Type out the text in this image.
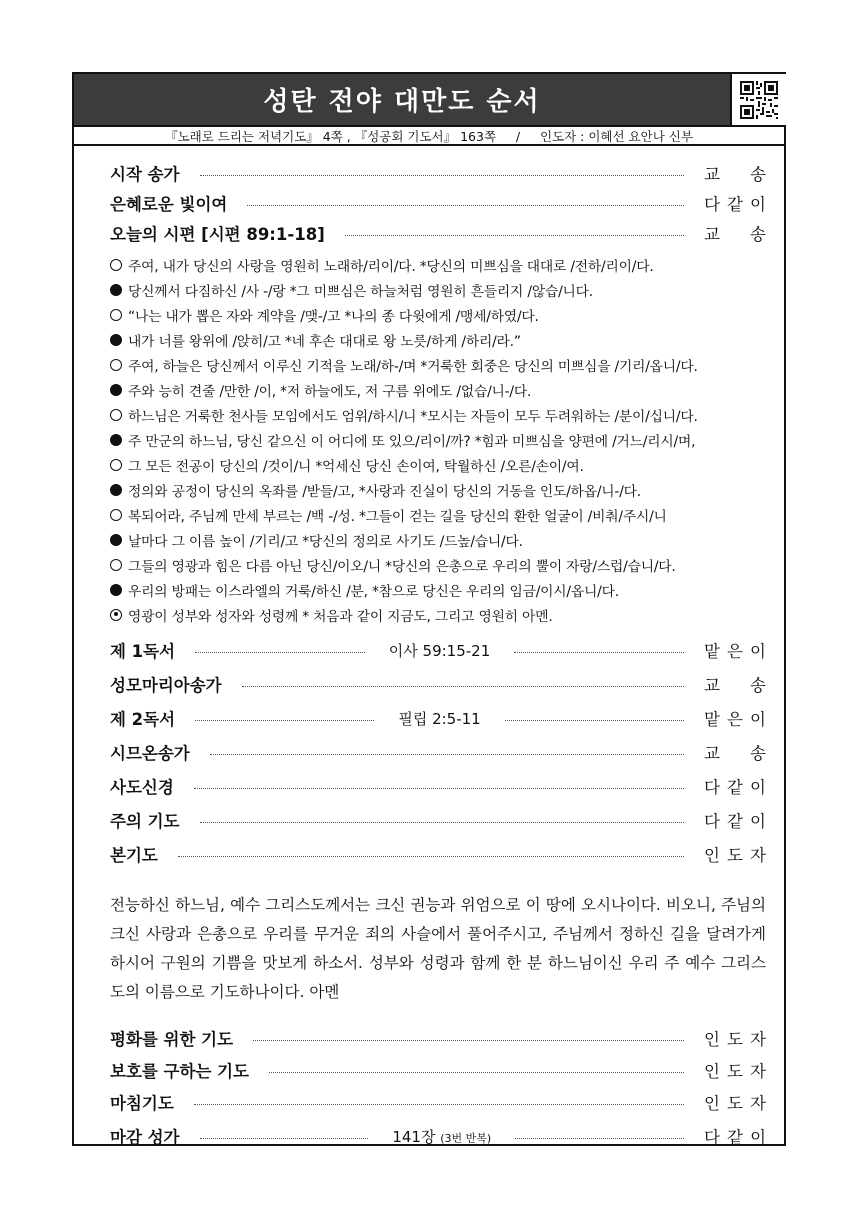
성탄 전야 대만도 순서
『노래로 드리는 저녁기도』 4쪽 , 『성공회 기도서』 163쪽     /     인도자 : 이혜선 요안나 신부
시작 송가	교 송
은혜로운 빛이여	다 같 이
오늘의 시편 [시편 89:1-18]	교 송
주여, 내가 당신의 사랑을 영원히 노래하/리이/다. *당신의 미쁘심을 대대로 /전하/리이/다.
당신께서 다짐하신 /사 -/랑 *그 미쁘심은 하늘처럼 영원히 흔들리지 /않습/니다.
“나는 내가 뽑은 자와 계약을 /맺-/고 *나의 종 다윗에게 /맹세/하였/다.
내가 너를 왕위에 /앉히/고 *네 후손 대대로 왕 노릇/하게 /하리/라.”
주여, 하늘은 당신께서 이루신 기적을 노래/하-/며 *거룩한 회중은 당신의 미쁘심을 /기리/옵니/다.
주와 능히 견줄 /만한 /이, *저 하늘에도, 저 구름 위에도 /없습/니-/다.
하느님은 거룩한 천사들 모임에서도 엄위/하시/니 *모시는 자들이 모두 두려워하는 /분이/십니/다.
주 만군의 하느님, 당신 같으신 이 어디에 또 있으/리이/까? *힘과 미쁘심을 양편에 /거느/리시/며,
그 모든 전공이 당신의 /것이/니 *억세신 당신 손이여, 탁월하신 /오른/손이/여.
정의와 공정이 당신의 옥좌를 /받들/고, *사랑과 진실이 당신의 거동을 인도/하옵/니-/다.
복되어라, 주님께 만세 부르는 /백 -/성. *그들이 걷는 길을 당신의 환한 얼굴이 /비춰/주시/니
날마다 그 이름 높이 /기리/고 *당신의 정의로 사기도 /드높/습니/다.
그들의 영광과 힘은 다름 아닌 당신/이오/니 *당신의 은총으로 우리의 뿔이 자랑/스럽/습니/다.
우리의 방패는 이스라엘의 거룩/하신 /분, *참으로 당신은 우리의 임금/이시/옵니/다.
영광이 성부와 성자와 성령께 * 처음과 같이 지금도, 그리고 영원히 아멘.
제 1독서	이사 59:15-21	맡 은 이
성모마리아송가	교 송
제 2독서	필립 2:5-11	맡 은 이
시므온송가	교 송
사도신경	다 같 이
주의 기도	다 같 이
본기도	인 도 자
전능하신 하느님, 예수 그리스도께서는 크신 권능과 위엄으로 이 땅에 오시나이다. 비오니, 주님의 크신 사랑과 은총으로 우리를 무거운 죄의 사슬에서 풀어주시고, 주님께서 정하신 길을 달려가게 하시어 구원의 기쁨을 맛보게 하소서. 성부와 성령과 함께 한 분 하느님이신 우리 주 예수 그리스도의 이름으로 기도하나이다. 아멘
평화를 위한 기도	인 도 자
보호를 구하는 기도	인 도 자
마침기도	인 도 자
마감 성가	141장 (3번 반복)	다 같 이
